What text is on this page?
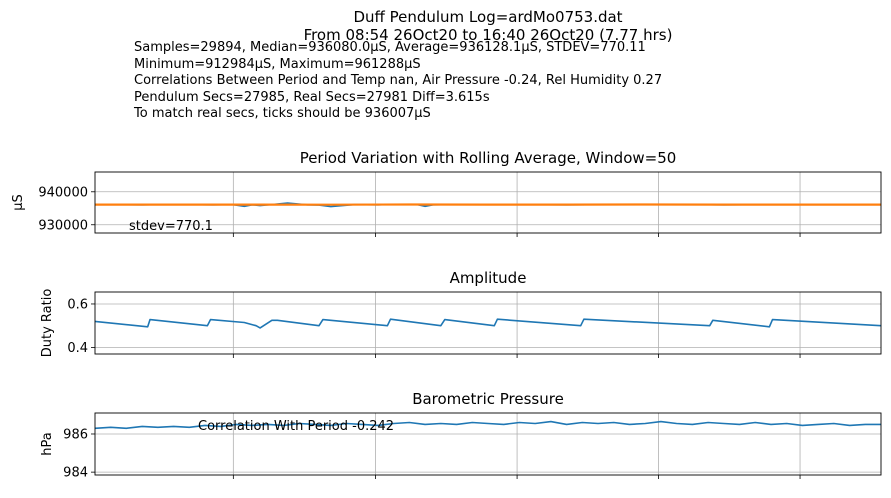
Duff Pendulum Log=ardMo0753.dat
From 08:54 26Oct20 to 16:40 26Oct20 (7.77 hrs)
Samples=29894, Median=936080.0µS, Average=936128.1µS, STDEV=770.11
Minimum=912984µS, Maximum=961288µS
Correlations Between Period and Temp nan, Air Pressure -0.24, Rel Humidity 0.27
Pendulum Secs=27985, Real Secs=27981 Diff=3.615s
To match real secs, ticks should be 936007µS
Period Variation with Rolling Average, Window=50
930000
940000
µS
stdev=770.1
Amplitude
0.4
0.6
Duty Ratio
Barometric Pressure
984
986
hPa
Correlation With Period -0.242
